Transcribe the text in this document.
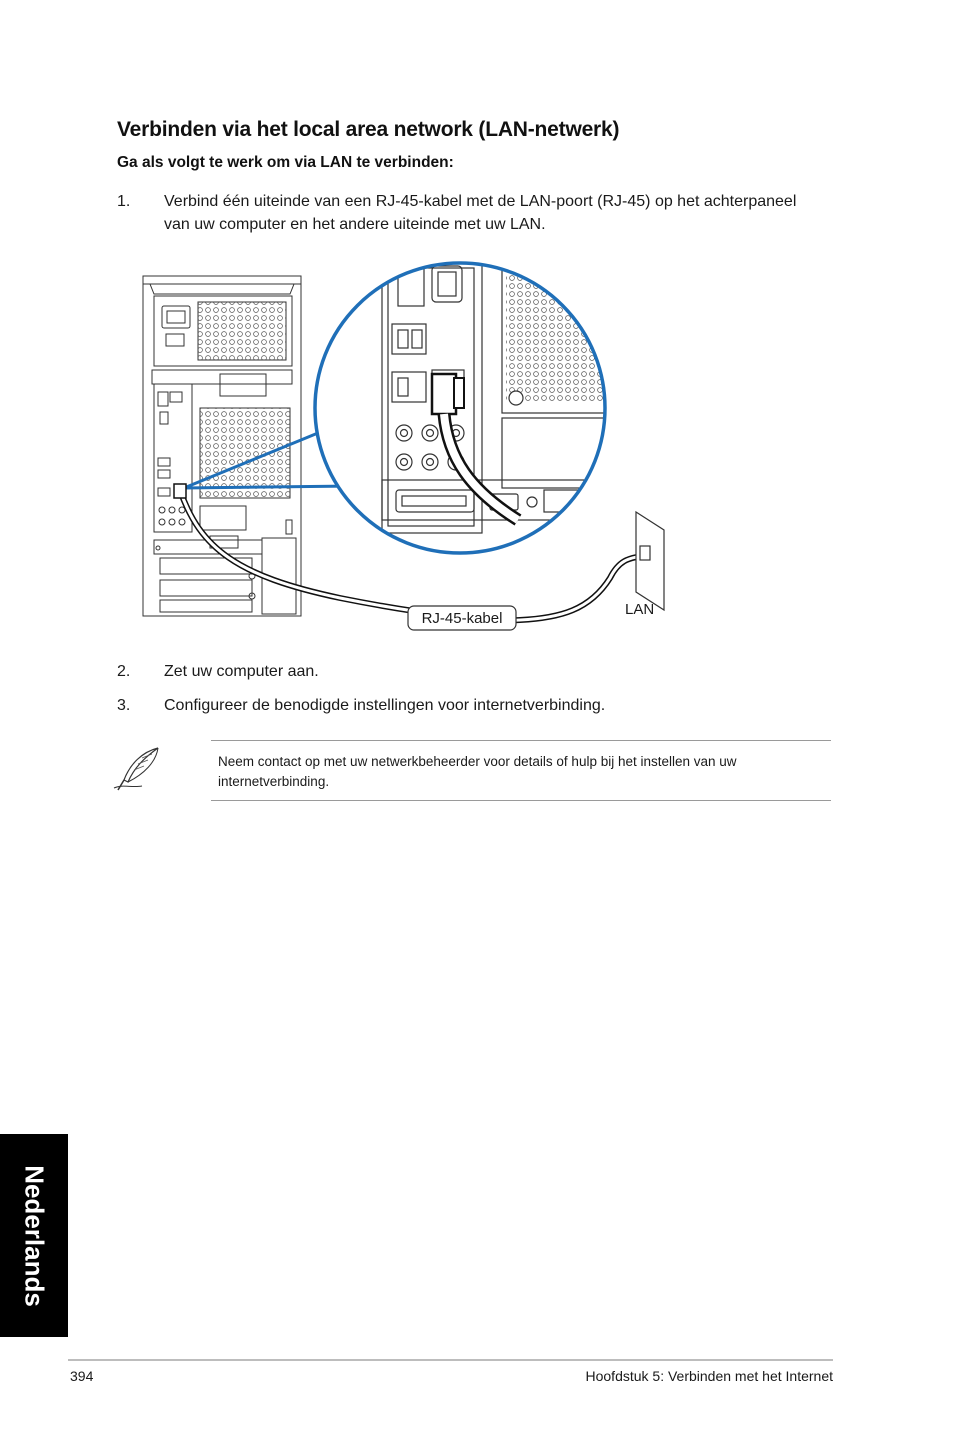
Verbinden via het local area network (LAN-netwerk)
Ga als volgt te werk om via LAN te verbinden:
1. Verbind één uiteinde van een RJ-45-kabel met de LAN-poort (RJ-45) op het achterpaneel van uw computer en het andere uiteinde met uw LAN.
RJ-45-kabel
LAN
2. Zet uw computer aan.
3. Configureer de benodigde instellingen voor internetverbinding.
Neem contact op met uw netwerkbeheerder voor details of hulp bij het instellen van uw internetverbinding.
Nederlands
394	Hoofdstuk 5: Verbinden met het Internet
